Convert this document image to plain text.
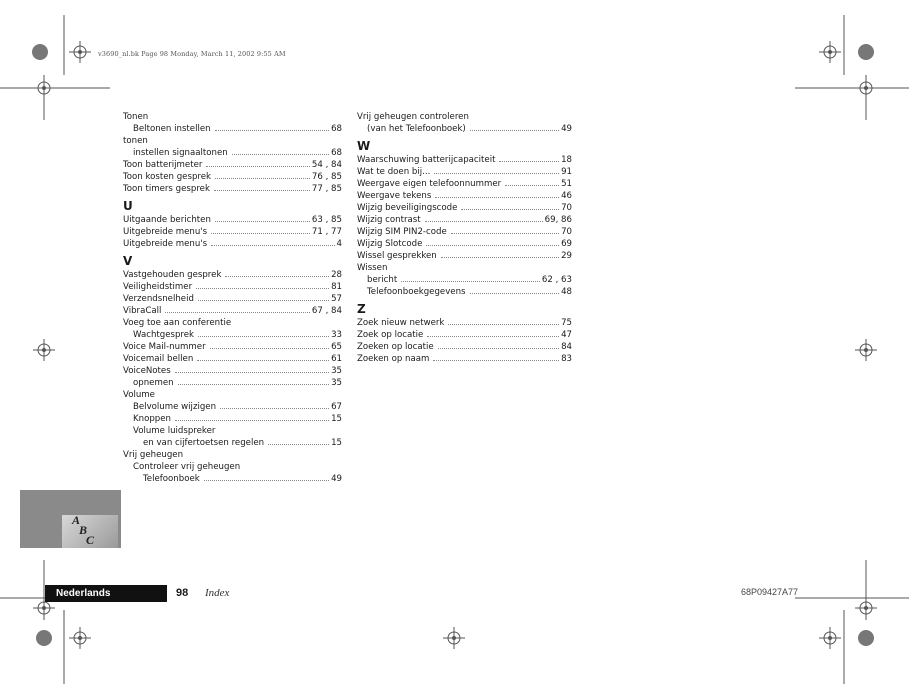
v3690_nl.bk Page 98 Monday, March 11, 2002 9:55 AM
Tonen
Beltonen instellen	68
tonen
instellen signaaltonen	68
Toon batterijmeter	54 , 84
Toon kosten gesprek	76 , 85
Toon timers gesprek	77 , 85
U
Uitgaande berichten	63 , 85
Uitgebreide menu's	71 , 77
Uitgebreide menu's	4
V
Vastgehouden gesprek	28
Veiligheidstimer	81
Verzendsnelheid	57
VibraCall	67 , 84
Voeg toe aan conferentie
Wachtgesprek	33
Voice Mail-nummer	65
Voicemail bellen	61
VoiceNotes	35
opnemen	35
Volume
Belvolume wijzigen	67
Knoppen	15
Volume luidspreker
en van cijfertoetsen regelen	15
Vrij geheugen
Controleer vrij geheugen
Telefoonboek	49
Vrij geheugen controleren
(van het Telefoonboek)	49
W
Waarschuwing batterijcapaciteit	18
Wat te doen bij...	91
Weergave eigen telefoonnummer	51
Weergave tekens	46
Wijzig beveiligingscode	70
Wijzig contrast	69, 86
Wijzig SIM PIN2-code	70
Wijzig Slotcode	69
Wissel gesprekken	29
Wissen
bericht	62 , 63
Telefoonboekgegevens	48
Z
Zoek nieuw netwerk	75
Zoek op locatie	47
Zoeken op locatie	84
Zoeken op naam	83
A
B
C
Nederlands	98 Index	68P09427A77
